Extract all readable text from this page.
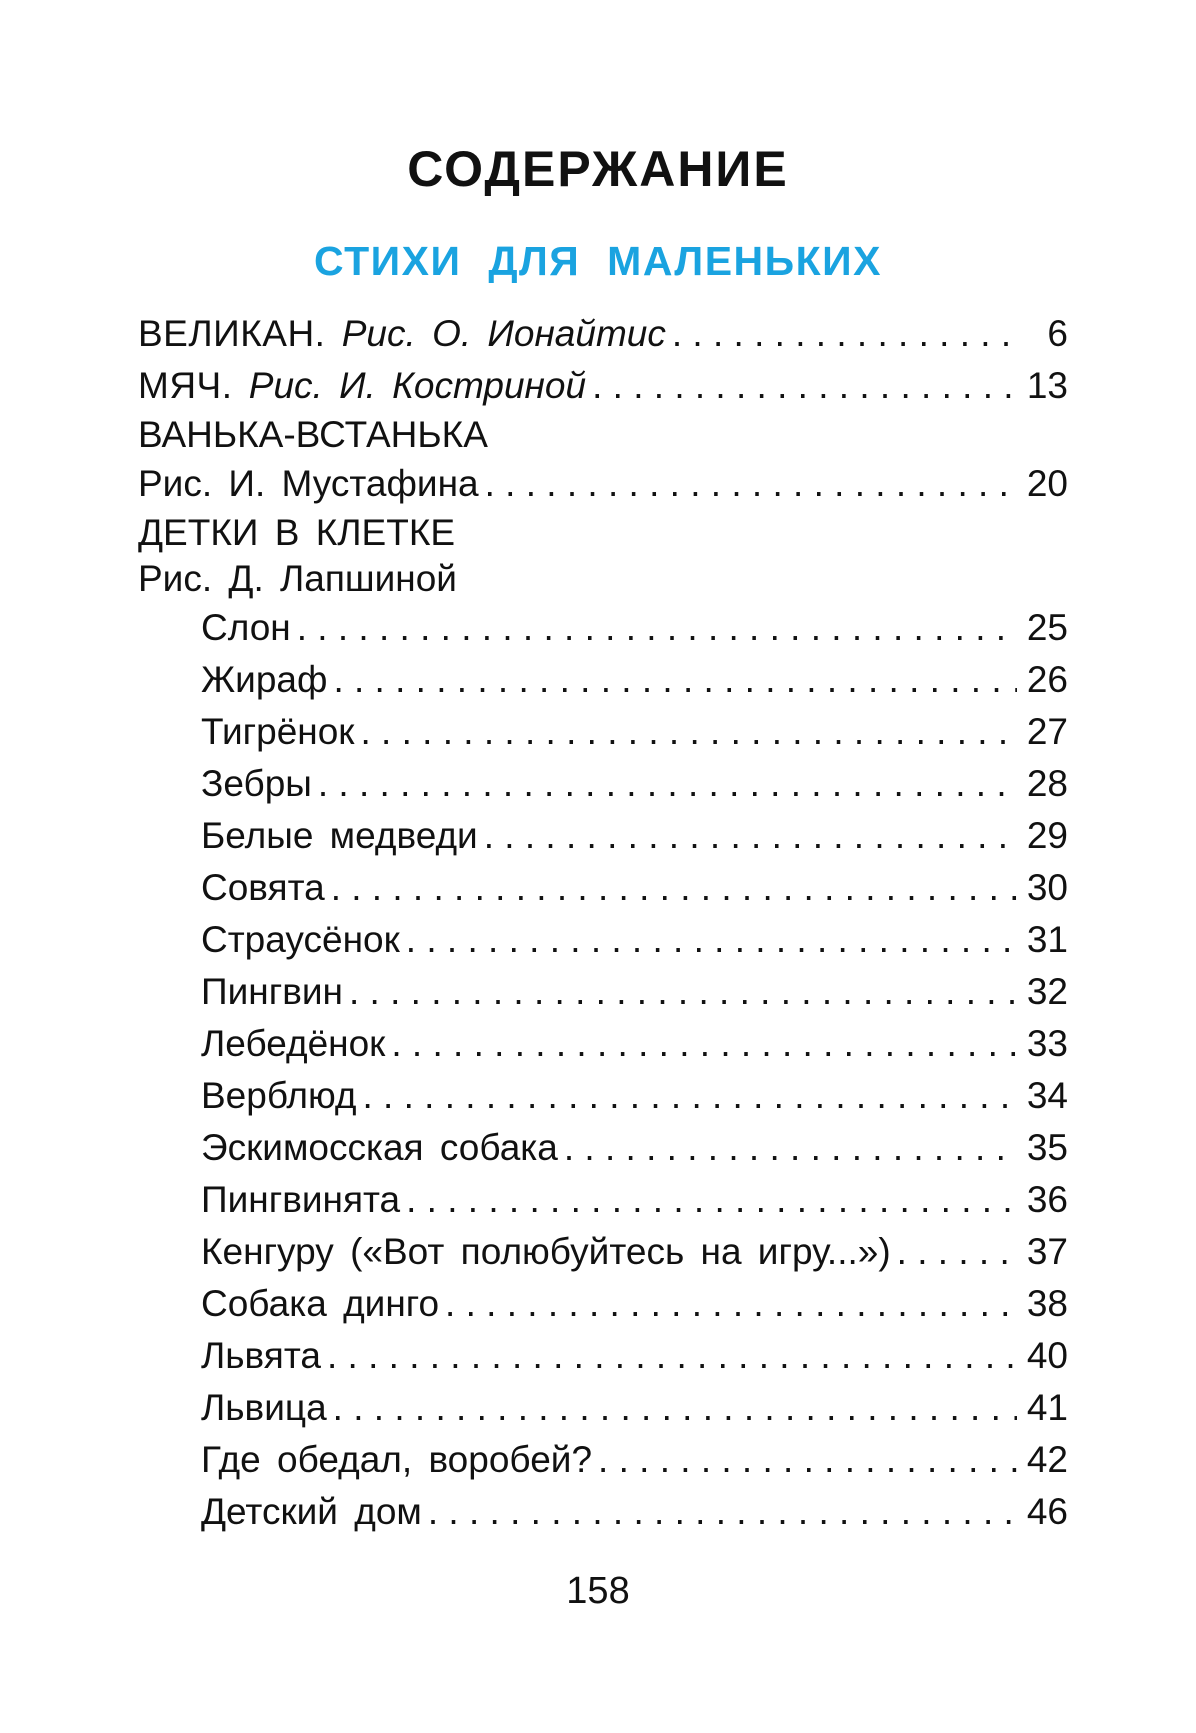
СОДЕРЖАНИЕ
СТИХИ ДЛЯ МАЛЕНЬКИХ
ВЕЛИКАН. Рис. О. Ионайтис . . .	6
МЯЧ. Рис. И. Костриной . . .	13
ВАНЬКА-ВСТАНЬКА
Рис. И. Мустафина . . .	20
ДЕТКИ В КЛЕТКЕ
Рис. Д. Лапшиной
Слон . . .	25
Жираф . . .	26
Тигрёнок . . .	27
Зебры . . .	28
Белые медведи . . .	29
Совята . . .	30
Страусёнок . . .	31
Пингвин . . .	32
Лебедёнок . . .	33
Верблюд . . .	34
Эскимосская собака . . .	35
Пингвинята . . .	36
Кенгуру («Вот полюбуйтесь на игру...») . . .	37
Собака динго . . .	38
Львята . . .	40
Львица . . .	41
Где обедал, воробей? . . .	42
Детский дом . . .	46
158
